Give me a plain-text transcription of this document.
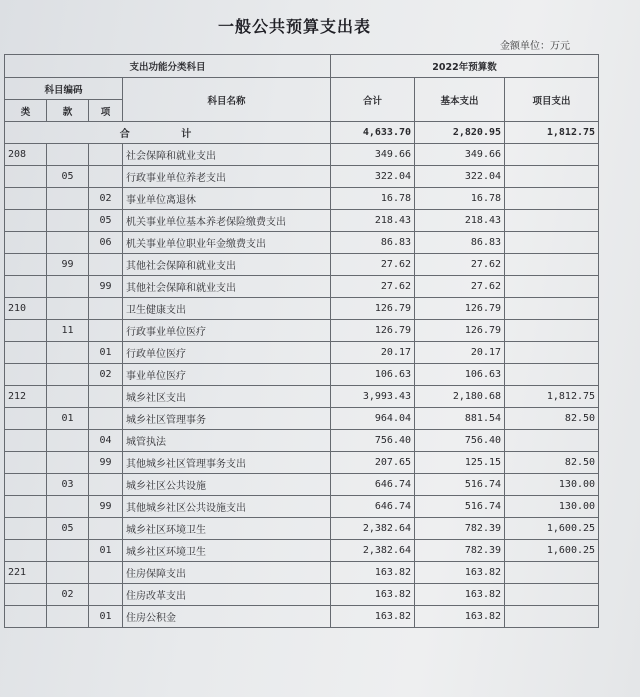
一般公共预算支出表
金额单位：万元
支出功能分类科目				2022年预算数		
科目编码			科目名称	合计	基本支出	项目支出
类	款	项				
合 计				4,633.70	2,820.95	1,812.75
208			社会保障和就业支出	349.66	349.66	
	05		行政事业单位养老支出	322.04	322.04	
		02	事业单位离退休	16.78	16.78	
		05	机关事业单位基本养老保险缴费支出	218.43	218.43	
		06	机关事业单位职业年金缴费支出	86.83	86.83	
	99		其他社会保障和就业支出	27.62	27.62	
		99	其他社会保障和就业支出	27.62	27.62	
210			卫生健康支出	126.79	126.79	
	11		行政事业单位医疗	126.79	126.79	
		01	行政单位医疗	20.17	20.17	
		02	事业单位医疗	106.63	106.63	
212			城乡社区支出	3,993.43	2,180.68	1,812.75
	01		城乡社区管理事务	964.04	881.54	82.50
		04	城管执法	756.40	756.40	
		99	其他城乡社区管理事务支出	207.65	125.15	82.50
	03		城乡社区公共设施	646.74	516.74	130.00
		99	其他城乡社区公共设施支出	646.74	516.74	130.00
	05		城乡社区环境卫生	2,382.64	782.39	1,600.25
		01	城乡社区环境卫生	2,382.64	782.39	1,600.25
221			住房保障支出	163.82	163.82	
	02		住房改革支出	163.82	163.82	
		01	住房公积金	163.82	163.82	
